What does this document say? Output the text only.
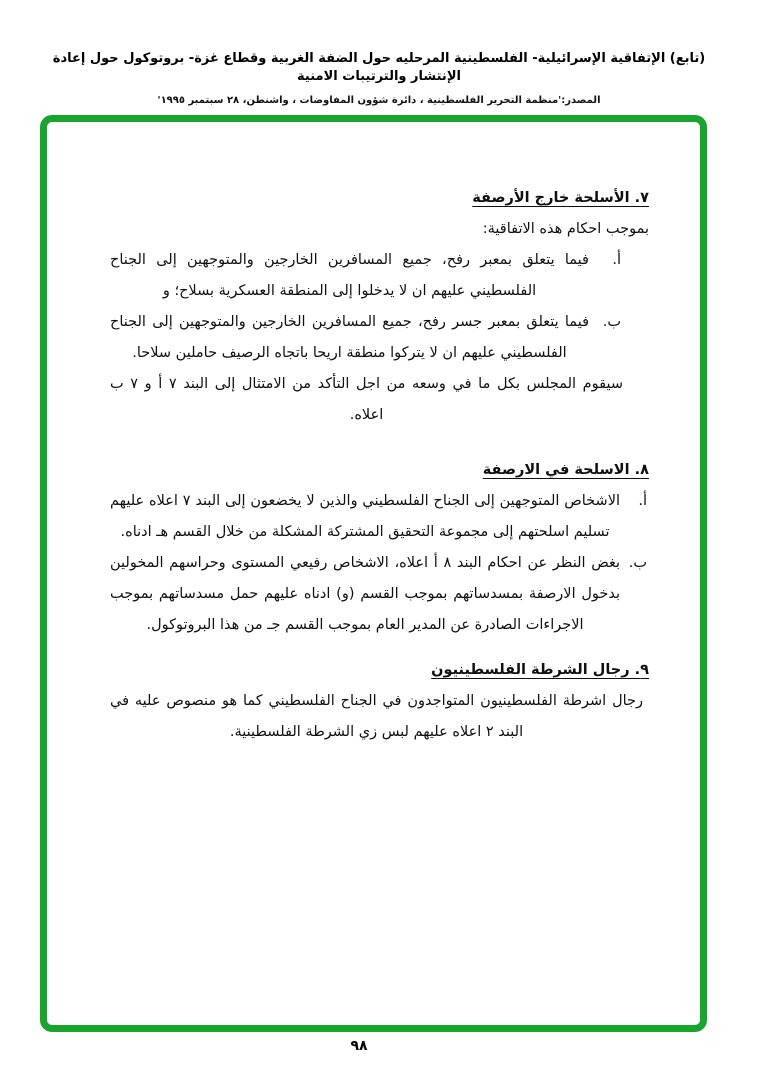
(تابع) الإتفاقية الإسرائيلية- الفلسطينية المرحليه حول الضفة الغربية وقطاع غزة- بروتوكول حول إعادة الإنتشار والترتيبات الامنية
المصدر:'منظمة التحرير الفلسطينية ، دائرة شؤون المفاوضات ، واشنطن، ٢٨ سبتمبر ١٩٩٥'
٧. الأسلحة خارج الأرصفة

بموجب احكام هذه الاتفاقية:

أ.
فيما يتعلق بمعبر رفح، جميع المسافرين الخارجين والمتوجهين إلى الجناح الفلسطيني عليهم ان لا يدخلوا إلى المنطقة العسكرية بسلاح؛ و
ب.
فيما يتعلق بمعبر جسر رفح، جميع المسافرين الخارجين والمتوجهين إلى الجناح الفلسطيني عليهم ان لا يتركوا منطقة اريحا باتجاه الرصيف حاملين سلاحا.

سيقوم المجلس بكل ما في وسعه من اجل التأكد من الامتثال إلى البند ٧ أ و ٧ ب اعلاه.

٨. الاسلحة في الارصفة
أ.
الاشخاص المتوجهين إلى الجناح الفلسطيني والذين لا يخضعون إلى البند ٧ اعلاه عليهم تسليم اسلحتهم إلى مجموعة التحقيق المشتركة المشكلة من خلال القسم هـ ادناه.
ب.
بغض النظر عن احكام البند ٨ أ اعلاه، الاشخاص رفيعي المستوى وحراسهم المخولين بدخول الارصفة بمسدساتهم بموجب القسم (و) ادناه عليهم حمل مسدساتهم بموجب الاجراءات الصادرة عن المدير العام بموجب القسم جـ من هذا البروتوكول.
٩. رجال الشرطة الفلسطينيون

رجال اشرطة الفلسطينيون المتواجدون في الجناح الفلسطيني كما هو منصوص عليه في البند ٢ اعلاه عليهم لبس زي الشرطة الفلسطينية.

٩٨
